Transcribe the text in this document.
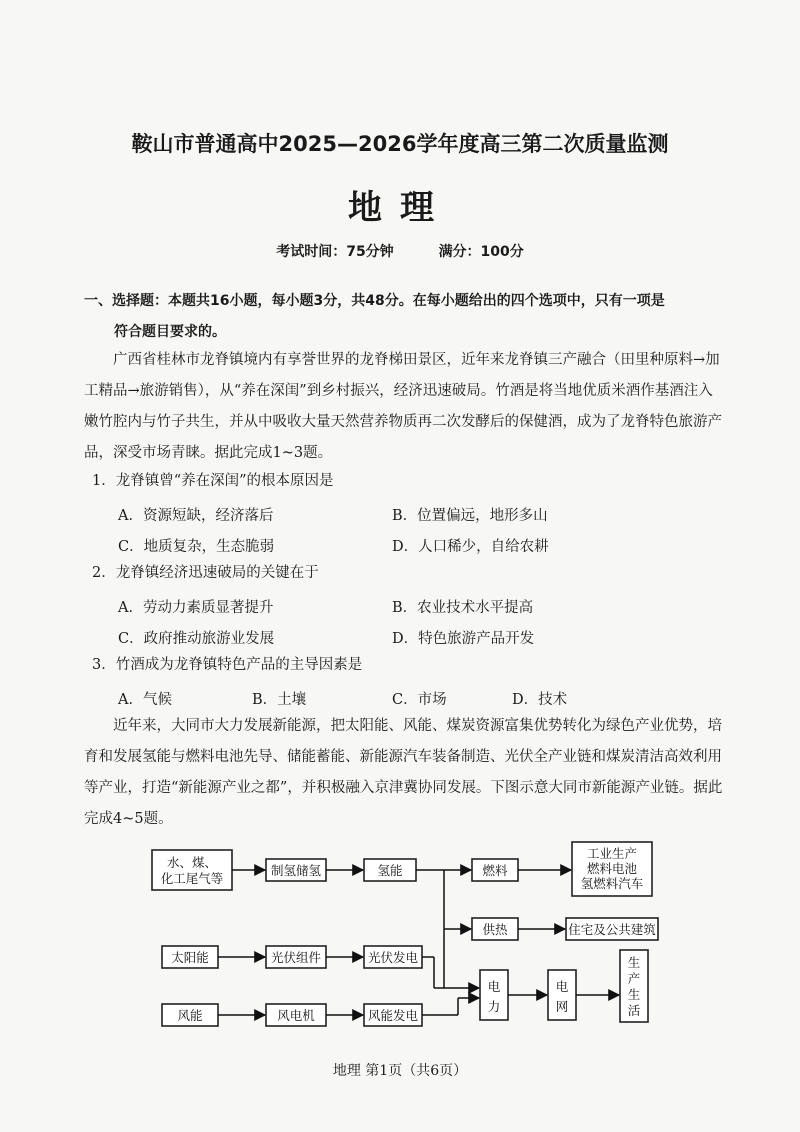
鞍山市普通高中2025—2026学年度高三第二次质量监测
地理
考试时间：75分钟	满分：100分
一、选择题：本题共16小题，每小题3分，共48分。在每小题给出的四个选项中，只有一项是
符合题目要求的。
广西省桂林市龙脊镇境内有享誉世界的龙脊梯田景区，近年来龙脊镇三产融合（田里种原料→加工精品→旅游销售），从“养在深闺”到乡村振兴，经济迅速破局。竹酒是将当地优质米酒作基酒注入嫩竹腔内与竹子共生，并从中吸收大量天然营养物质再二次发酵后的保健酒，成为了龙脊特色旅游产品，深受市场青睐。据此完成1~3题。
1．龙脊镇曾“养在深闺”的根本原因是
A．资源短缺，经济落后	B．位置偏远，地形多山
C．地质复杂，生态脆弱	D．人口稀少，自给农耕
2．龙脊镇经济迅速破局的关键在于
A．劳动力素质显著提升	B．农业技术水平提高
C．政府推动旅游业发展	D．特色旅游产品开发
3．竹酒成为龙脊镇特色产品的主导因素是
A．气候	B．土壤	C．市场	D．技术
近年来，大同市大力发展新能源，把太阳能、风能、煤炭资源富集优势转化为绿色产业优势，培育和发展氢能与燃料电池先导、储能蓄能、新能源汽车装备制造、光伏全产业链和煤炭清洁高效利用等产业，打造“新能源产业之都”，并积极融入京津冀协同发展。下图示意大同市新能源产业链。据此完成4~5题。
水、煤、
化工尾气等
制氢储氢	氢能	燃料
工业生产
燃料电池
氢燃料汽车
供热	住宅及公共建筑
太阳能	光伏组件	光伏发电
风能	风电机	风能发电
电
力
电
网
生
产
生
活
地理 第1页（共6页）
